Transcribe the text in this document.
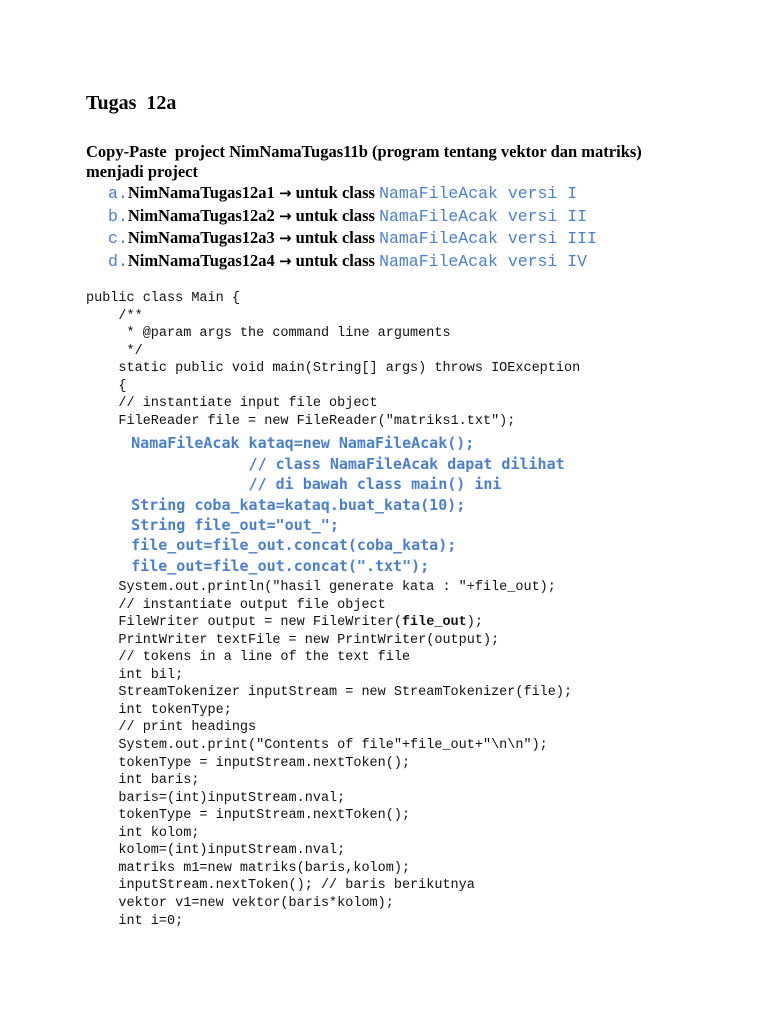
Tugas  12a
Copy-Paste  project NimNamaTugas11b (program tentang vektor dan matriks)
menjadi project
a.NimNamaTugas12a1 → untuk class NamaFileAcak versi I
b.NimNamaTugas12a2 → untuk class NamaFileAcak versi II
c.NimNamaTugas12a3 → untuk class NamaFileAcak versi III
d.NimNamaTugas12a4 → untuk class NamaFileAcak versi IV
public class Main {
/**
* @param args the command line arguments
*/
static public void main(String[] args) throws IOException
{
// instantiate input file object
FileReader file = new FileReader("matriks1.txt");
NamaFileAcak kataq=new NamaFileAcak();
// class NamaFileAcak dapat dilihat
// di bawah class main() ini
String coba_kata=kataq.buat_kata(10);
String file_out="out_";
file_out=file_out.concat(coba_kata);
file_out=file_out.concat(".txt");
System.out.println("hasil generate kata : "+file_out);
// instantiate output file object
FileWriter output = new FileWriter(file_out);
PrintWriter textFile = new PrintWriter(output);
// tokens in a line of the text file
int bil;
StreamTokenizer inputStream = new StreamTokenizer(file);
int tokenType;
// print headings
System.out.print("Contents of file"+file_out+"\n\n");
tokenType = inputStream.nextToken();
int baris;
baris=(int)inputStream.nval;
tokenType = inputStream.nextToken();
int kolom;
kolom=(int)inputStream.nval;
matriks m1=new matriks(baris,kolom);
inputStream.nextToken(); // baris berikutnya
vektor v1=new vektor(baris*kolom);
int i=0;
